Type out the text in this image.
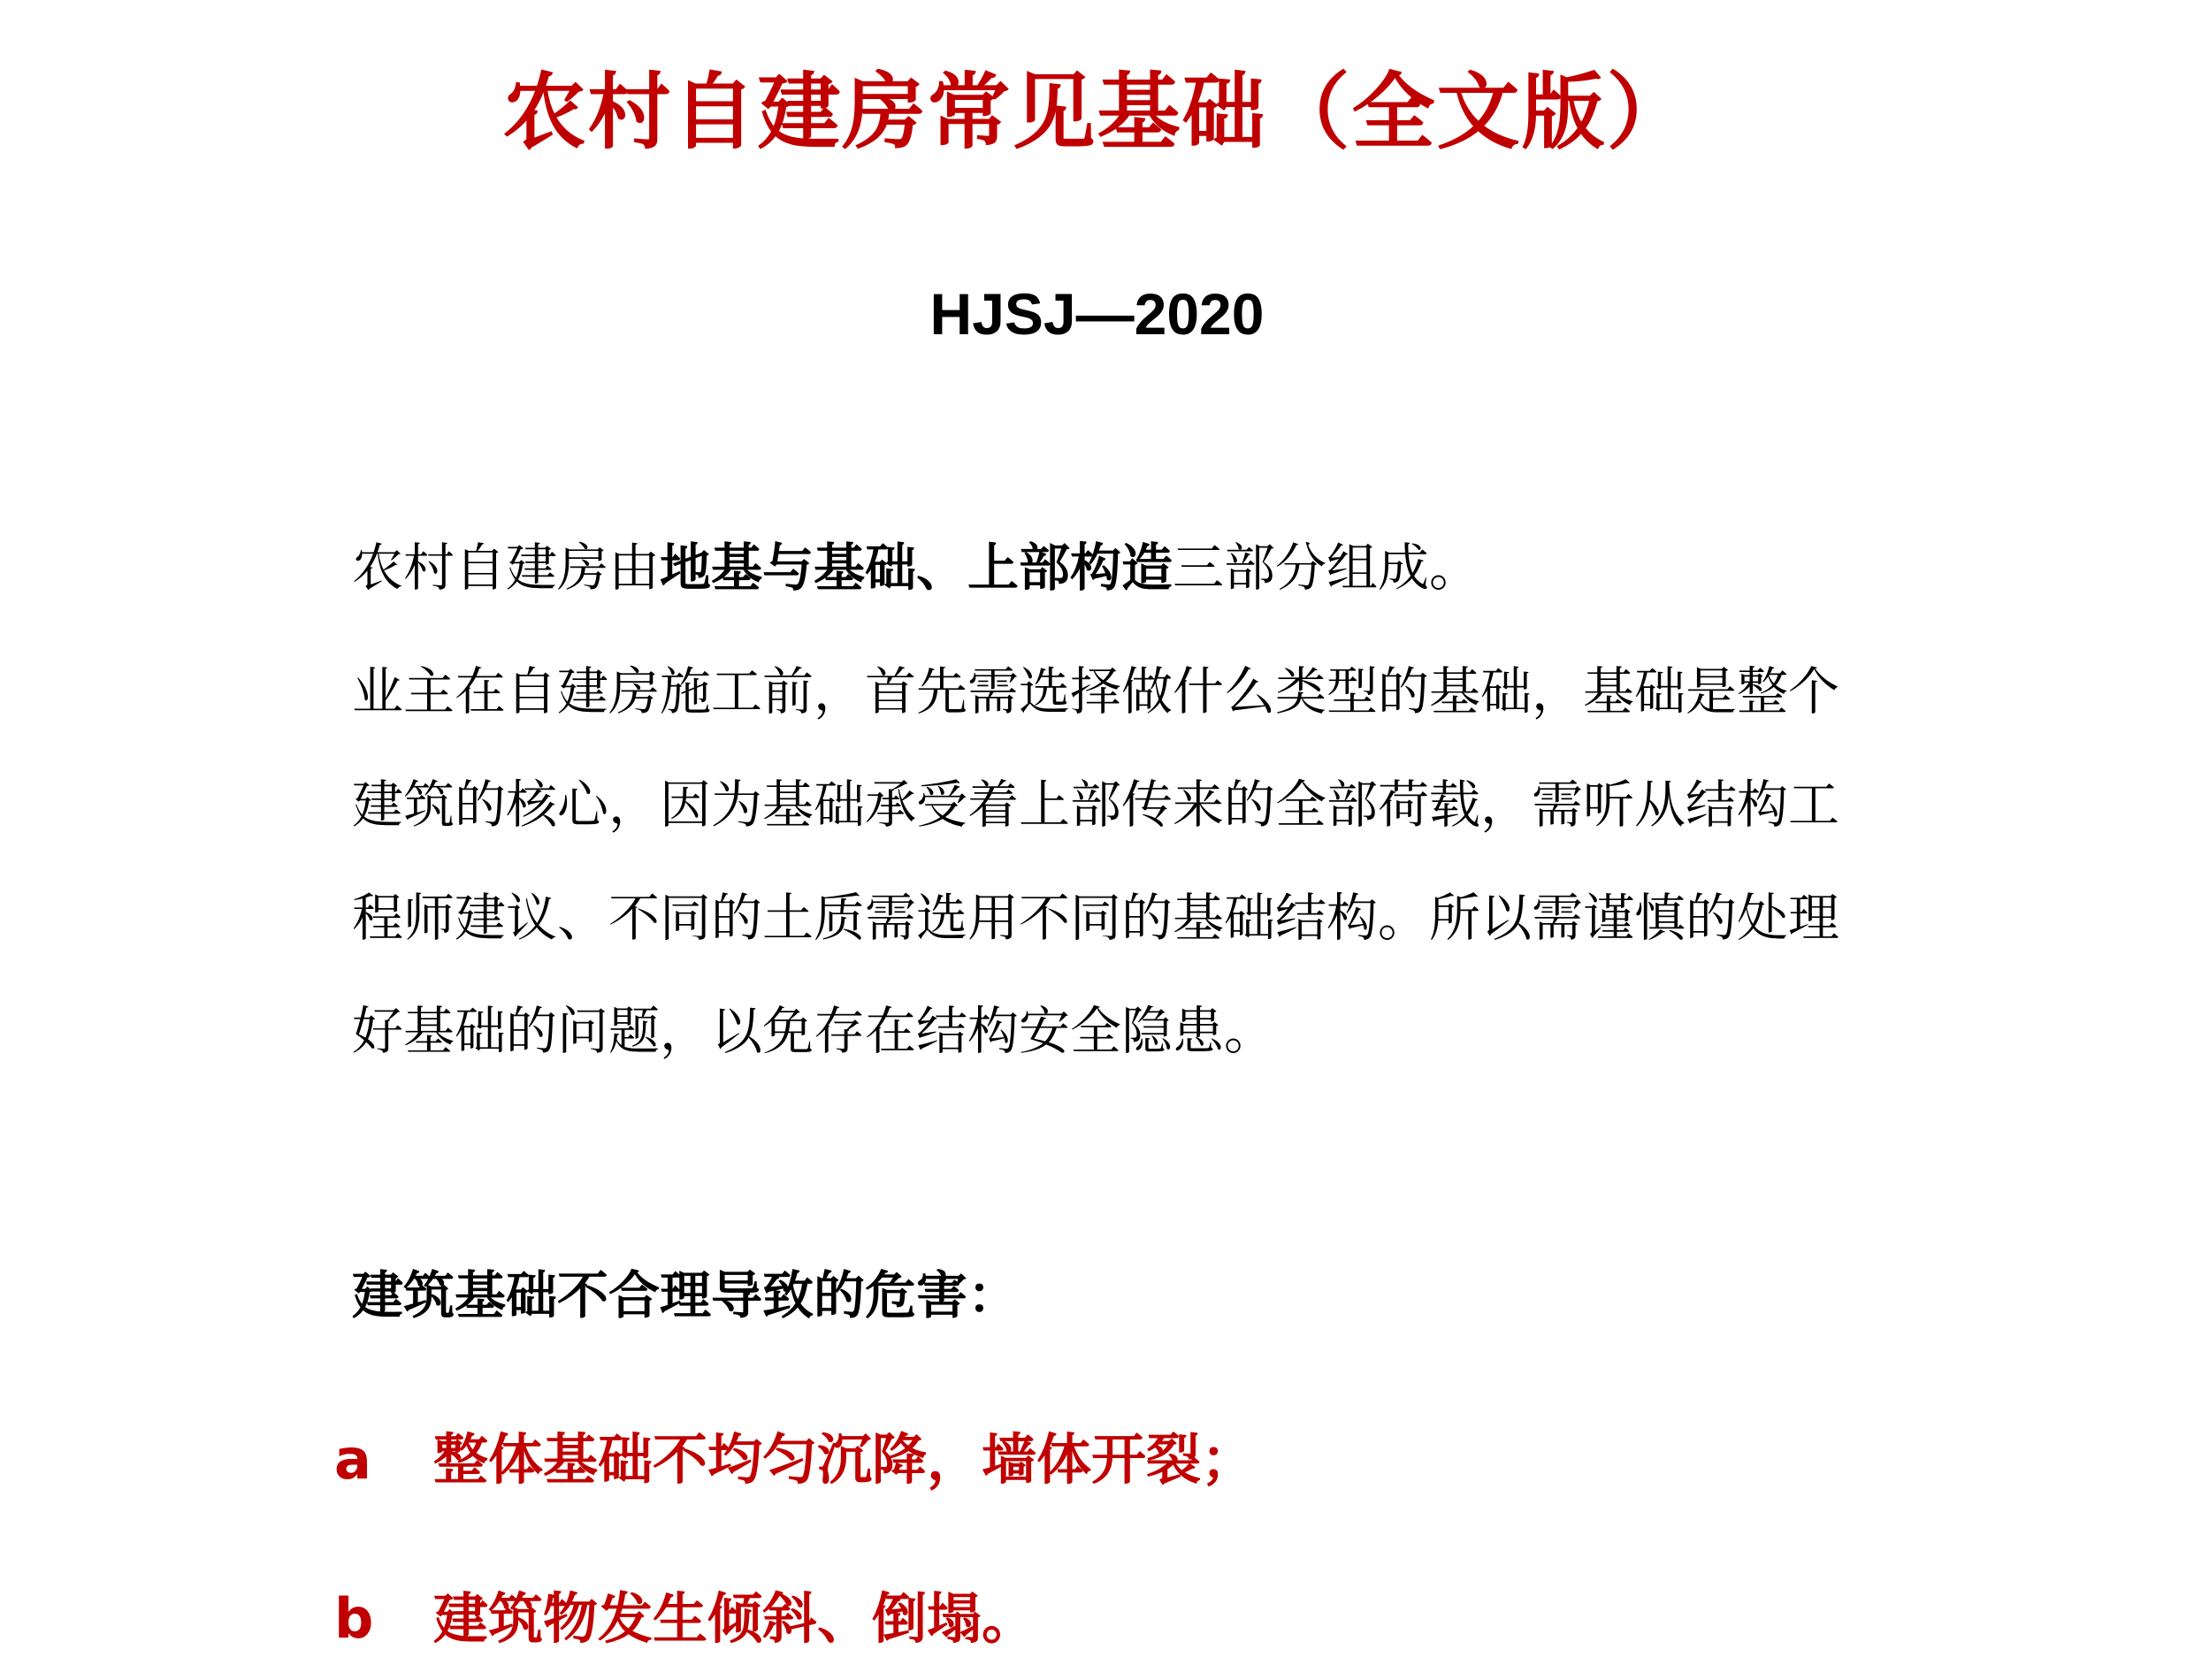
农村自建房常见基础（全文版）
HJSJ—2020

农村自建房由地基与基础、上部构造三部分组成。

业主在自建房施工前，首先需选择做什么类型的基础，基础是整个建筑的核心，因为基础承受着上部传来的全部荷载，需听从结构工程师建议、不同的土质需选用不同的基础结构。所以需谨慎的处理好基础的问题，以免存在结构安全隐患。

建筑基础不合理导致的危害：

a 整体基础不均匀沉降，墙体开裂；

b 建筑物发生倾斜、倒塌。
